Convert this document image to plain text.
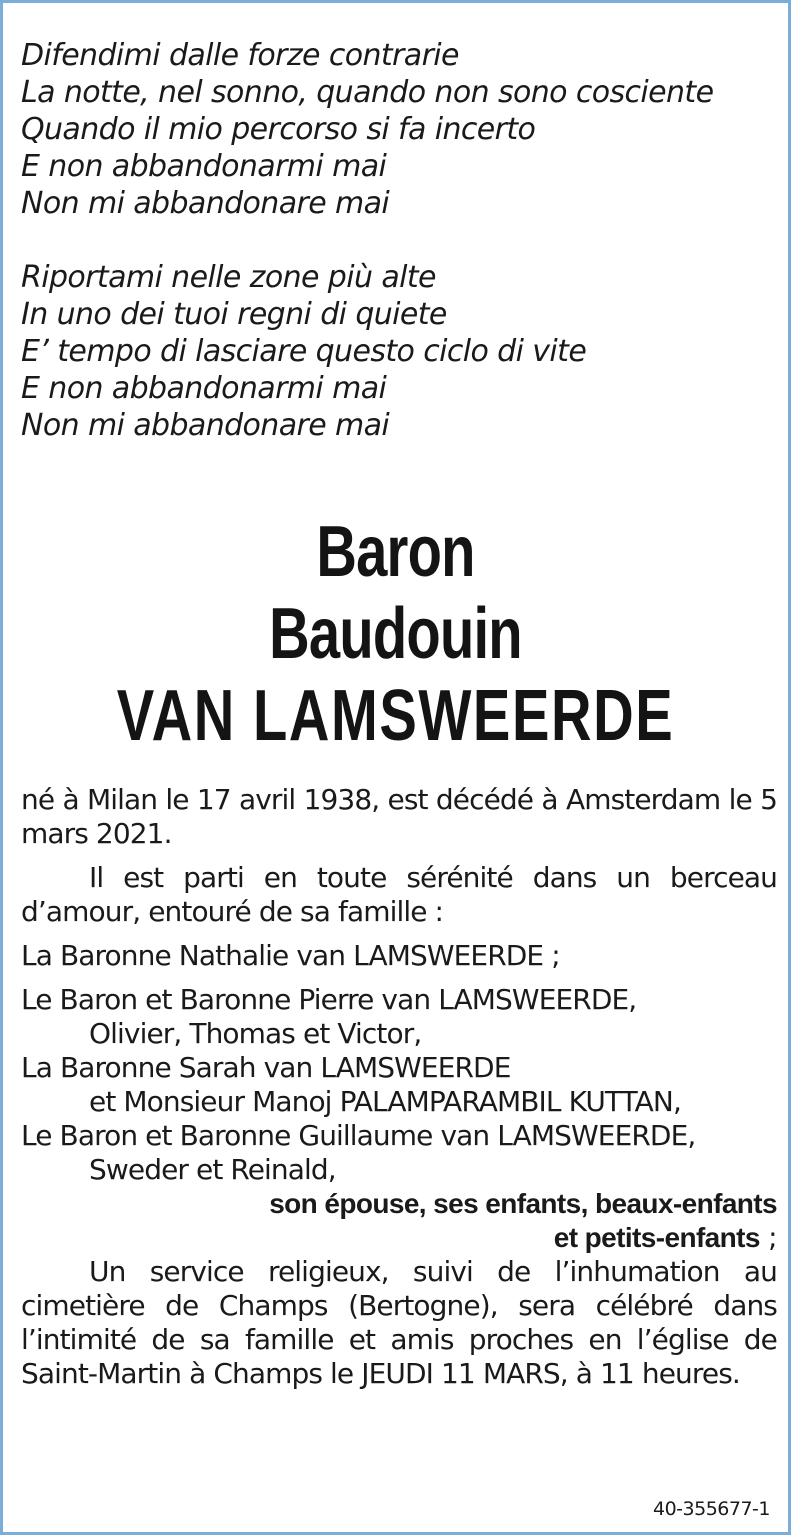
Difendimi dalle forze contrarie
La notte, nel sonno, quando non sono cosciente
Quando il mio percorso si fa incerto
E non abbandonarmi mai
Non mi abbandonare mai

Riportami nelle zone più alte
In uno dei tuoi regni di quiete
E’ tempo di lasciare questo ciclo di vite
E non abbandonarmi mai
Non mi abbandonare mai

Baron
Baudouin
VAN LAMSWEERDE

né à Milan le 17 avril 1938, est décédé à Amsterdam le 5 mars 2021.

Il est parti en toute sérénité dans un berceau d’amour, entouré de sa famille :

La Baronne Nathalie van LAMSWEERDE ;

Le Baron et Baronne Pierre van LAMSWEERDE,
Olivier, Thomas et Victor,
La Baronne Sarah van LAMSWEERDE
et Monsieur Manoj PALAMPARAMBIL KUTTAN,
Le Baron et Baronne Guillaume van LAMSWEERDE,
Sweder et Reinald,
son épouse, ses enfants, beaux-enfants
et petits-enfants ;

Un service religieux, suivi de l’inhumation au cimetière de Champs (Bertogne), sera célébré dans l’intimité de sa famille et amis proches en l’église de Saint-Martin à Champs le JEUDI 11 MARS, à 11 heures.

40-355677-1
